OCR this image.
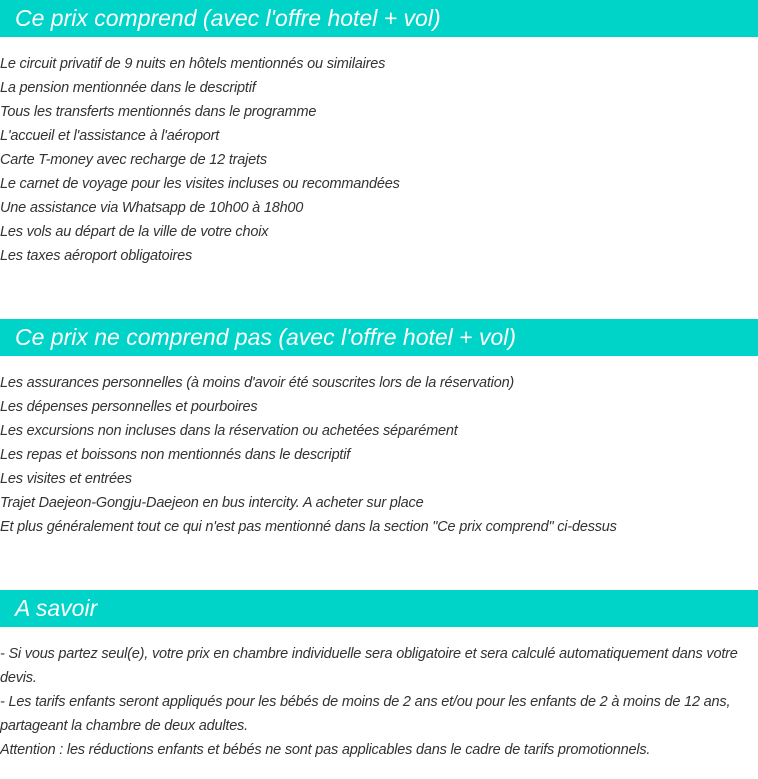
Ce prix comprend (avec l'offre hotel + vol)
Le circuit privatif de 9 nuits en hôtels mentionnés ou similaires
La pension mentionnée dans le descriptif
Tous les transferts mentionnés dans le programme
L'accueil et l'assistance à l'aéroport
Carte T-money avec recharge de 12 trajets
Le carnet de voyage pour les visites incluses ou recommandées
Une assistance via Whatsapp de 10h00 à 18h00
Les vols au départ de la ville de votre choix
Les taxes aéroport obligatoires
Ce prix ne comprend pas (avec l'offre hotel + vol)
Les assurances personnelles (à moins d'avoir été souscrites lors de la réservation)
Les dépenses personnelles et pourboires
Les excursions non incluses dans la réservation ou achetées séparément
Les repas et boissons non mentionnés dans le descriptif
Les visites et entrées
Trajet Daejeon-Gongju-Daejeon en bus intercity. A acheter sur place
Et plus généralement tout ce qui n'est pas mentionné dans la section "Ce prix comprend" ci-dessus
A savoir

- Si vous partez seul(e), votre prix en chambre individuelle sera obligatoire et sera calculé automatiquement dans votre devis.

- Les tarifs enfants seront appliqués pour les bébés de moins de 2 ans et/ou pour les enfants de 2 à moins de 12 ans, partageant la chambre de deux adultes.

Attention : les réductions enfants et bébés ne sont pas applicables dans le cadre de tarifs promotionnels.
